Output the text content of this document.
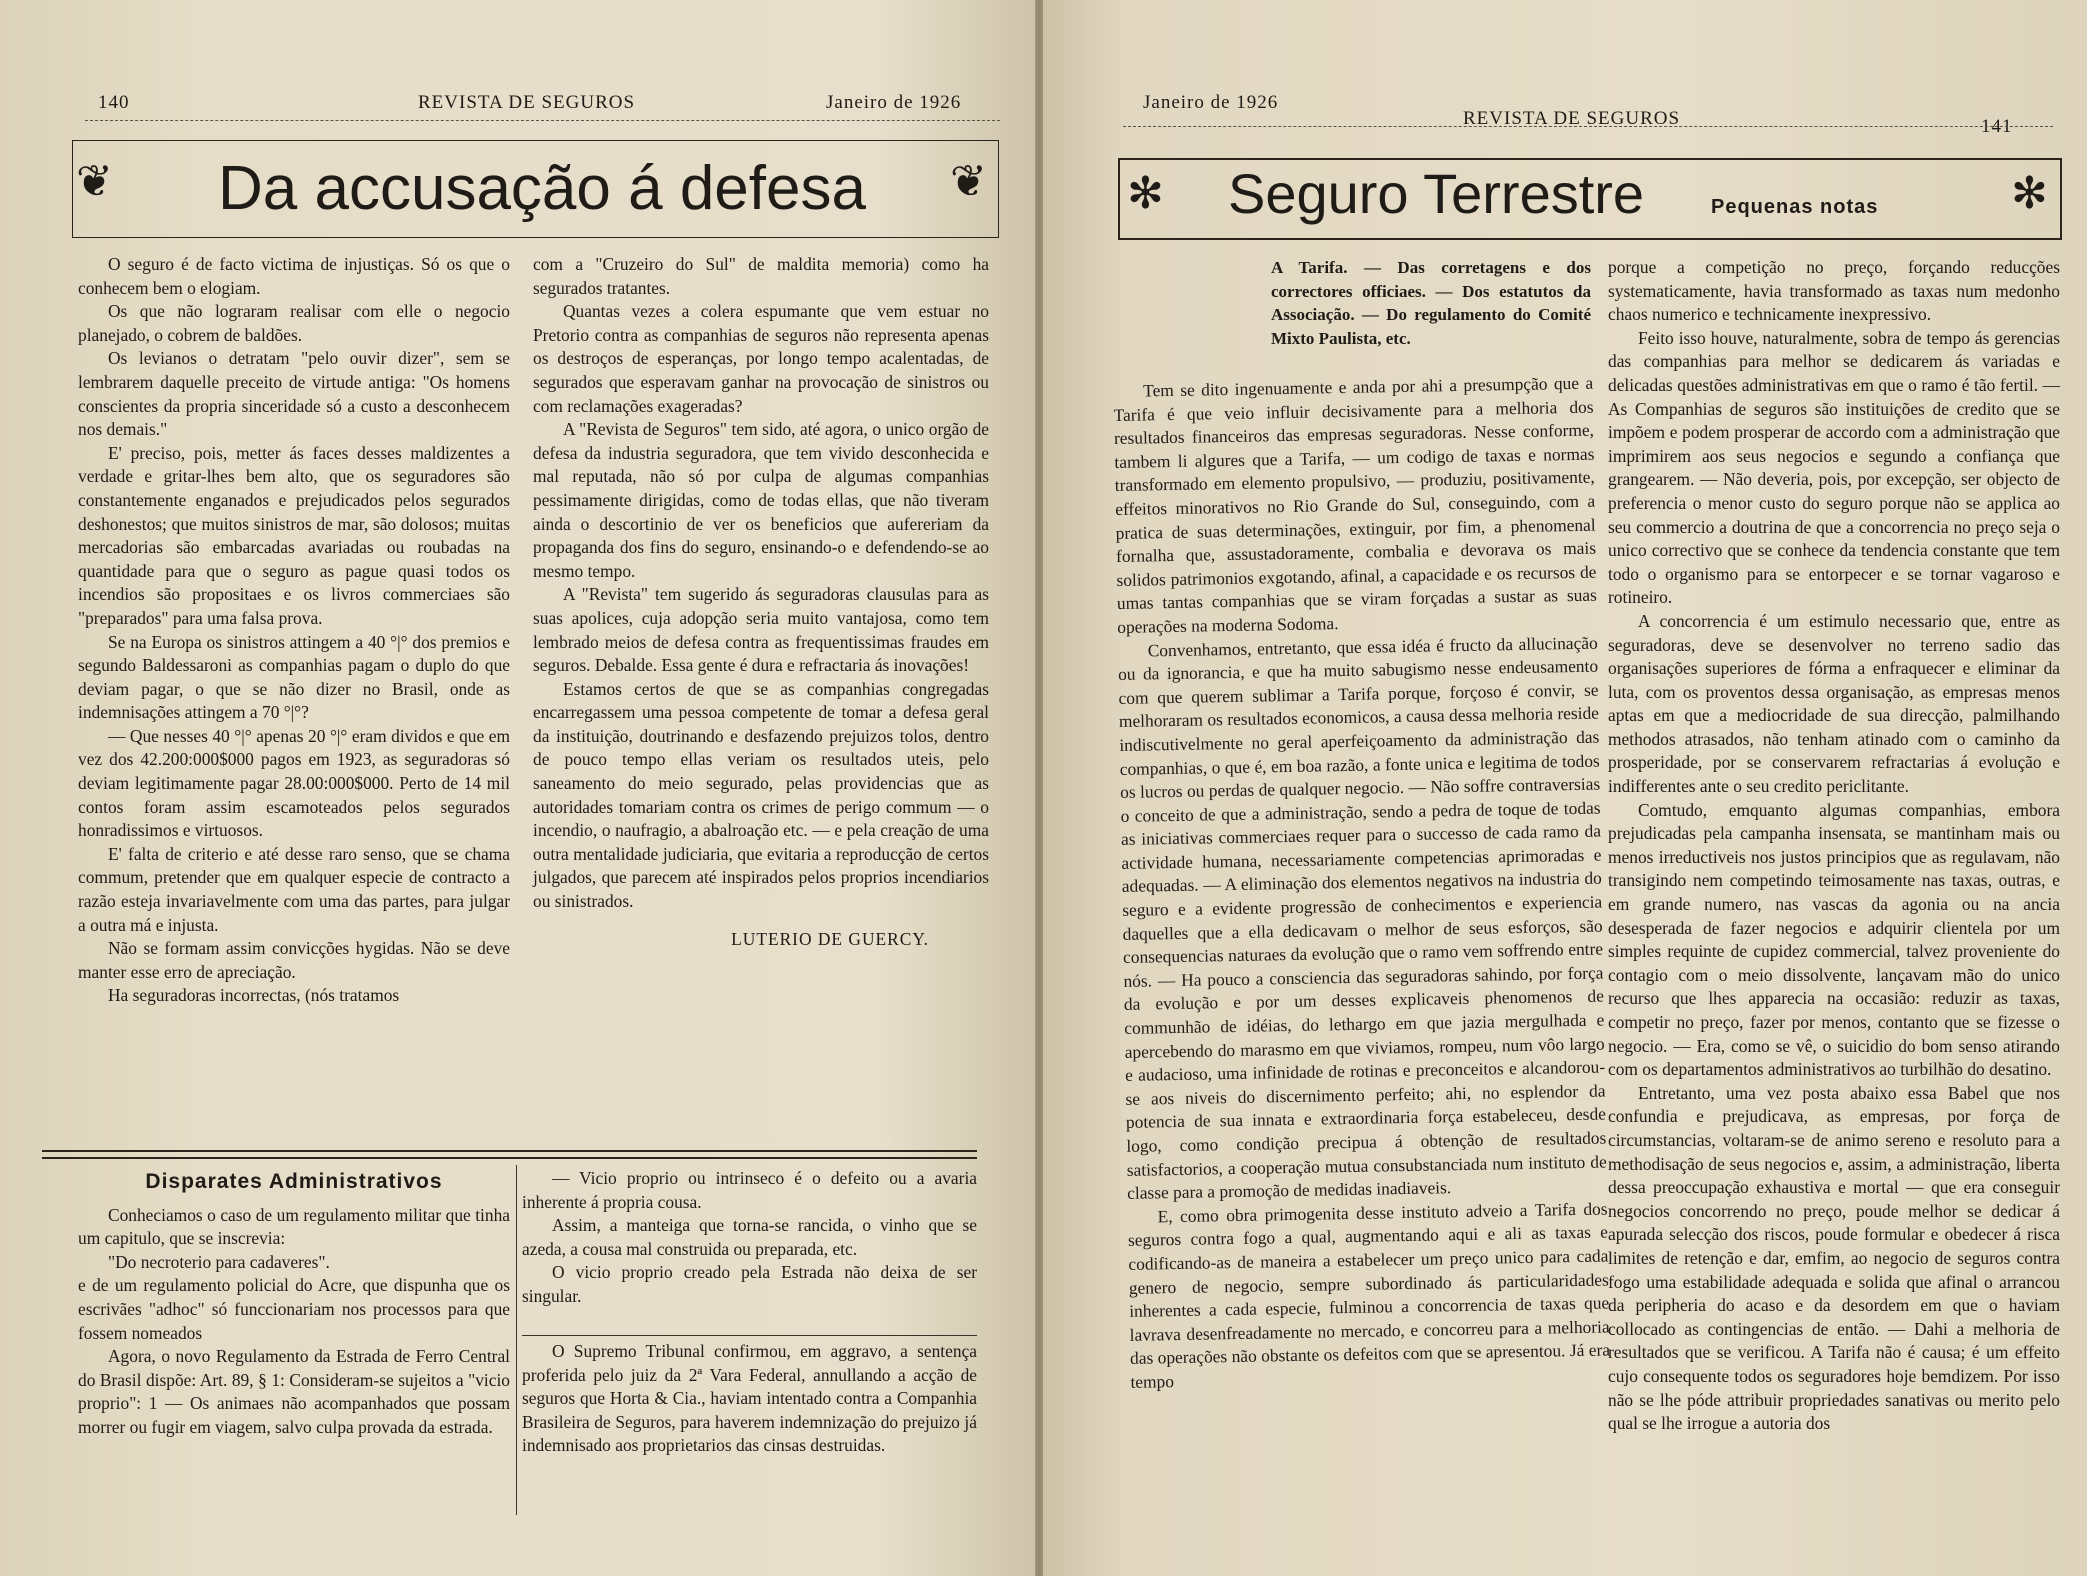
140	REVISTA DE SEGUROS	Janeiro de 1926
❦	❦
Da accusação á defesa

O seguro é de facto victima de injustiças. Só os que o conhecem bem o elogiam.

Os que não lograram realisar com elle o negocio planejado, o cobrem de baldões.

Os levianos o detratam "pelo ouvir dizer", sem se lembrarem daquelle preceito de virtude antiga: "Os homens conscientes da propria sinceridade só a custo a desconhecem nos demais."

E' preciso, pois, metter ás faces desses maldizentes a verdade e gritar-lhes bem alto, que os seguradores são constantemente enganados e prejudicados pelos segurados deshonestos; que muitos sinistros de mar, são dolosos; muitas mercadorias são embarcadas avariadas ou roubadas na quantidade para que o seguro as pague quasi todos os incendios são propositaes e os livros commerciaes são "preparados" para uma falsa prova.

Se na Europa os sinistros attingem a 40 °|° dos premios e segundo Baldessaroni as companhias pagam o duplo do que deviam pagar, o que se não dizer no Brasil, onde as indemnisações attingem a 70 °|°?

— Que nesses 40 °|° apenas 20 °|° eram dividos e que em vez dos 42.200:000$000 pagos em 1923, as seguradoras só deviam legitimamente pagar 28.00:000$000. Perto de 14 mil contos foram assim escamoteados pelos segurados honradissimos e virtuosos.

E' falta de criterio e até desse raro senso, que se chama commum, pretender que em qualquer especie de contracto a razão esteja invariavelmente com uma das partes, para julgar a outra má e injusta.

Não se formam assim convicções hygidas. Não se deve manter esse erro de apreciação.

Ha seguradoras incorrectas, (nós tratamos

com a "Cruzeiro do Sul" de maldita memoria) como ha segurados tratantes.

Quantas vezes a colera espumante que vem estuar no Pretorio contra as companhias de seguros não representa apenas os destroços de esperanças, por longo tempo acalentadas, de segurados que esperavam ganhar na provocação de sinistros ou com reclamações exageradas?

A "Revista de Seguros" tem sido, até agora, o unico orgão de defesa da industria seguradora, que tem vivido desconhecida e mal reputada, não só por culpa de algumas companhias pessimamente dirigidas, como de todas ellas, que não tiveram ainda o descortinio de ver os beneficios que aufereriam da propaganda dos fins do seguro, ensinando-o e defendendo-se ao mesmo tempo.

A "Revista" tem sugerido ás seguradoras clausulas para as suas apolices, cuja adopção seria muito vantajosa, como tem lembrado meios de defesa contra as frequentissimas fraudes em seguros. Debalde. Essa gente é dura e refractaria ás inovações!

Estamos certos de que se as companhias congregadas encarregassem uma pessoa competente de tomar a defesa geral da instituição, doutrinando e desfazendo prejuizos tolos, dentro de pouco tempo ellas veriam os resultados uteis, pelo saneamento do meio segurado, pelas providencias que as autoridades tomariam contra os crimes de perigo commum — o incendio, o naufragio, a abalroação etc. — e pela creação de uma outra mentalidade judiciaria, que evitaria a reproducção de certos julgados, que parecem até inspirados pelos proprios incendiarios ou sinistrados.

LUTERIO DE GUERCY.

Disparates Administrativos

Conheciamos o caso de um regulamento militar que tinha um capitulo, que se inscrevia:

"Do necroterio para cadaveres".

e de um regulamento policial do Acre, que dispunha que os escrivães "adhoc" só funccionariam nos processos para que fossem nomeados

Agora, o novo Regulamento da Estrada de Ferro Central do Brasil dispõe: Art. 89, § 1: Consideram-se sujeitos a "vicio proprio": 1 — Os animaes não acompanhados que possam morrer ou fugir em viagem, salvo culpa provada da estrada.

— Vicio proprio ou intrinseco é o defeito ou a avaria inherente á propria cousa.

Assim, a manteiga que torna-se rancida, o vinho que se azeda, a cousa mal construida ou preparada, etc.

O vicio proprio creado pela Estrada não deixa de ser singular.

O Supremo Tribunal confirmou, em aggravo, a sentença proferida pelo juiz da 2ª Vara Federal, annullando a acção de seguros que Horta & Cia., haviam intentado contra a Companhia Brasileira de Seguros, para haverem indemnização do prejuizo já indemnisado aos proprietarios das cinsas destruidas.

Janeiro de 1926
REVISTA DE SEGUROS	141
✻	✻
Seguro Terrestre	Pequenas notas

A Tarifa. — Das corretagens e dos correctores officiaes. — Dos estatutos da Associação. — Do regulamento do Comité Mixto Paulista, etc.

Tem se dito ingenuamente e anda por ahi a presumpção que a Tarifa é que veio influir decisivamente para a melhoria dos resultados financeiros das empresas seguradoras. Nesse conforme, tambem li algures que a Tarifa, — um codigo de taxas e normas transformado em elemento propulsivo, — produziu, positivamente, effeitos minorativos no Rio Grande do Sul, conseguindo, com a pratica de suas determinações, extinguir, por fim, a phenomenal fornalha que, assustadoramente, combalia e devorava os mais solidos patrimonios exgotando, afinal, a capacidade e os recursos de umas tantas companhias que se viram forçadas a sustar as suas operações na moderna Sodoma.

Convenhamos, entretanto, que essa idéa é fructo da allucinação ou da ignorancia, e que ha muito sabugismo nesse endeusamento com que querem sublimar a Tarifa porque, forçoso é convir, se melhoraram os resultados economicos, a causa dessa melhoria reside indiscutivelmente no geral aperfeiçoamento da administração das companhias, o que é, em boa razão, a fonte unica e legitima de todos os lucros ou perdas de qualquer negocio. — Não soffre contraversias o conceito de que a administração, sendo a pedra de toque de todas as iniciativas commerciaes requer para o successo de cada ramo da actividade humana, necessariamente competencias aprimoradas e adequadas. — A eliminação dos elementos negativos na industria do seguro e a evidente progressão de conhecimentos e experiencia daquelles que a ella dedicavam o melhor de seus esforços, são consequencias naturaes da evolução que o ramo vem soffrendo entre nós. — Ha pouco a consciencia das seguradoras sahindo, por força da evolução e por um desses explicaveis phenomenos de communhão de idéias, do lethargo em que jazia mergulhada e apercebendo do marasmo em que viviamos, rompeu, num vôo largo e audacioso, uma infinidade de rotinas e preconceitos e alcandorou-se aos niveis do discernimento perfeito; ahi, no esplendor da potencia de sua innata e extraordinaria força estabeleceu, desde logo, como condição precipua á obtenção de resultados satisfactorios, a cooperação mutua consubstanciada num instituto de classe para a promoção de medidas inadiaveis.

E, como obra primogenita desse instituto adveio a Tarifa dos seguros contra fogo a qual, augmentando aqui e ali as taxas e codificando-as de maneira a estabelecer um preço unico para cada genero de negocio, sempre subordinado ás particularidades inherentes a cada especie, fulminou a concorrencia de taxas que lavrava desenfreadamente no mercado, e concorreu para a melhoria das operações não obstante os defeitos com que se apresentou. Já era tempo

porque a competição no preço, forçando reducções systematicamente, havia transformado as taxas num medonho chaos numerico e technicamente inexpressivo.

Feito isso houve, naturalmente, sobra de tempo ás gerencias das companhias para melhor se dedicarem ás variadas e delicadas questões administrativas em que o ramo é tão fertil. — As Companhias de seguros são instituições de credito que se impõem e podem prosperar de accordo com a administração que imprimirem aos seus negocios e segundo a confiança que grangearem. — Não deveria, pois, por excepção, ser objecto de preferencia o menor custo do seguro porque não se applica ao seu commercio a doutrina de que a concorrencia no preço seja o unico correctivo que se conhece da tendencia constante que tem todo o organismo para se entorpecer e se tornar vagaroso e rotineiro.

A concorrencia é um estimulo necessario que, entre as seguradoras, deve se desenvolver no terreno sadio das organisações superiores de fórma a enfraquecer e eliminar da luta, com os proventos dessa organisação, as empresas menos aptas em que a mediocridade de sua direcção, palmilhando methodos atrasados, não tenham atinado com o caminho da prosperidade, por se conservarem refractarias á evolução e indifferentes ante o seu credito periclitante.

Comtudo, emquanto algumas companhias, embora prejudicadas pela campanha insensata, se mantinham mais ou menos irreductiveis nos justos principios que as regulavam, não transigindo nem competindo teimosamente nas taxas, outras, e em grande numero, nas vascas da agonia ou na ancia desesperada de fazer negocios e adquirir clientela por um simples requinte de cupidez commercial, talvez proveniente do contagio com o meio dissolvente, lançavam mão do unico recurso que lhes apparecia na occasião: reduzir as taxas, competir no preço, fazer por menos, contanto que se fizesse o negocio. — Era, como se vê, o suicidio do bom senso atirando com os departamentos administrativos ao turbilhão do desatino.

Entretanto, uma vez posta abaixo essa Babel que nos confundia e prejudicava, as empresas, por força de circumstancias, voltaram-se de animo sereno e resoluto para a methodisação de seus negocios e, assim, a administração, liberta dessa preoccupação exhaustiva e mortal — que era conseguir negocios concorrendo no preço, poude melhor se dedicar á apurada selecção dos riscos, poude formular e obedecer á risca limites de retenção e dar, emfim, ao negocio de seguros contra fogo uma estabilidade adequada e solida que afinal o arrancou da peripheria do acaso e da desordem em que o haviam collocado as contingencias de então. — Dahi a melhoria de resultados que se verificou. A Tarifa não é causa; é um effeito cujo consequente todos os seguradores hoje bemdizem. Por isso não se lhe póde attribuir propriedades sanativas ou merito pelo qual se lhe irrogue a autoria dos
